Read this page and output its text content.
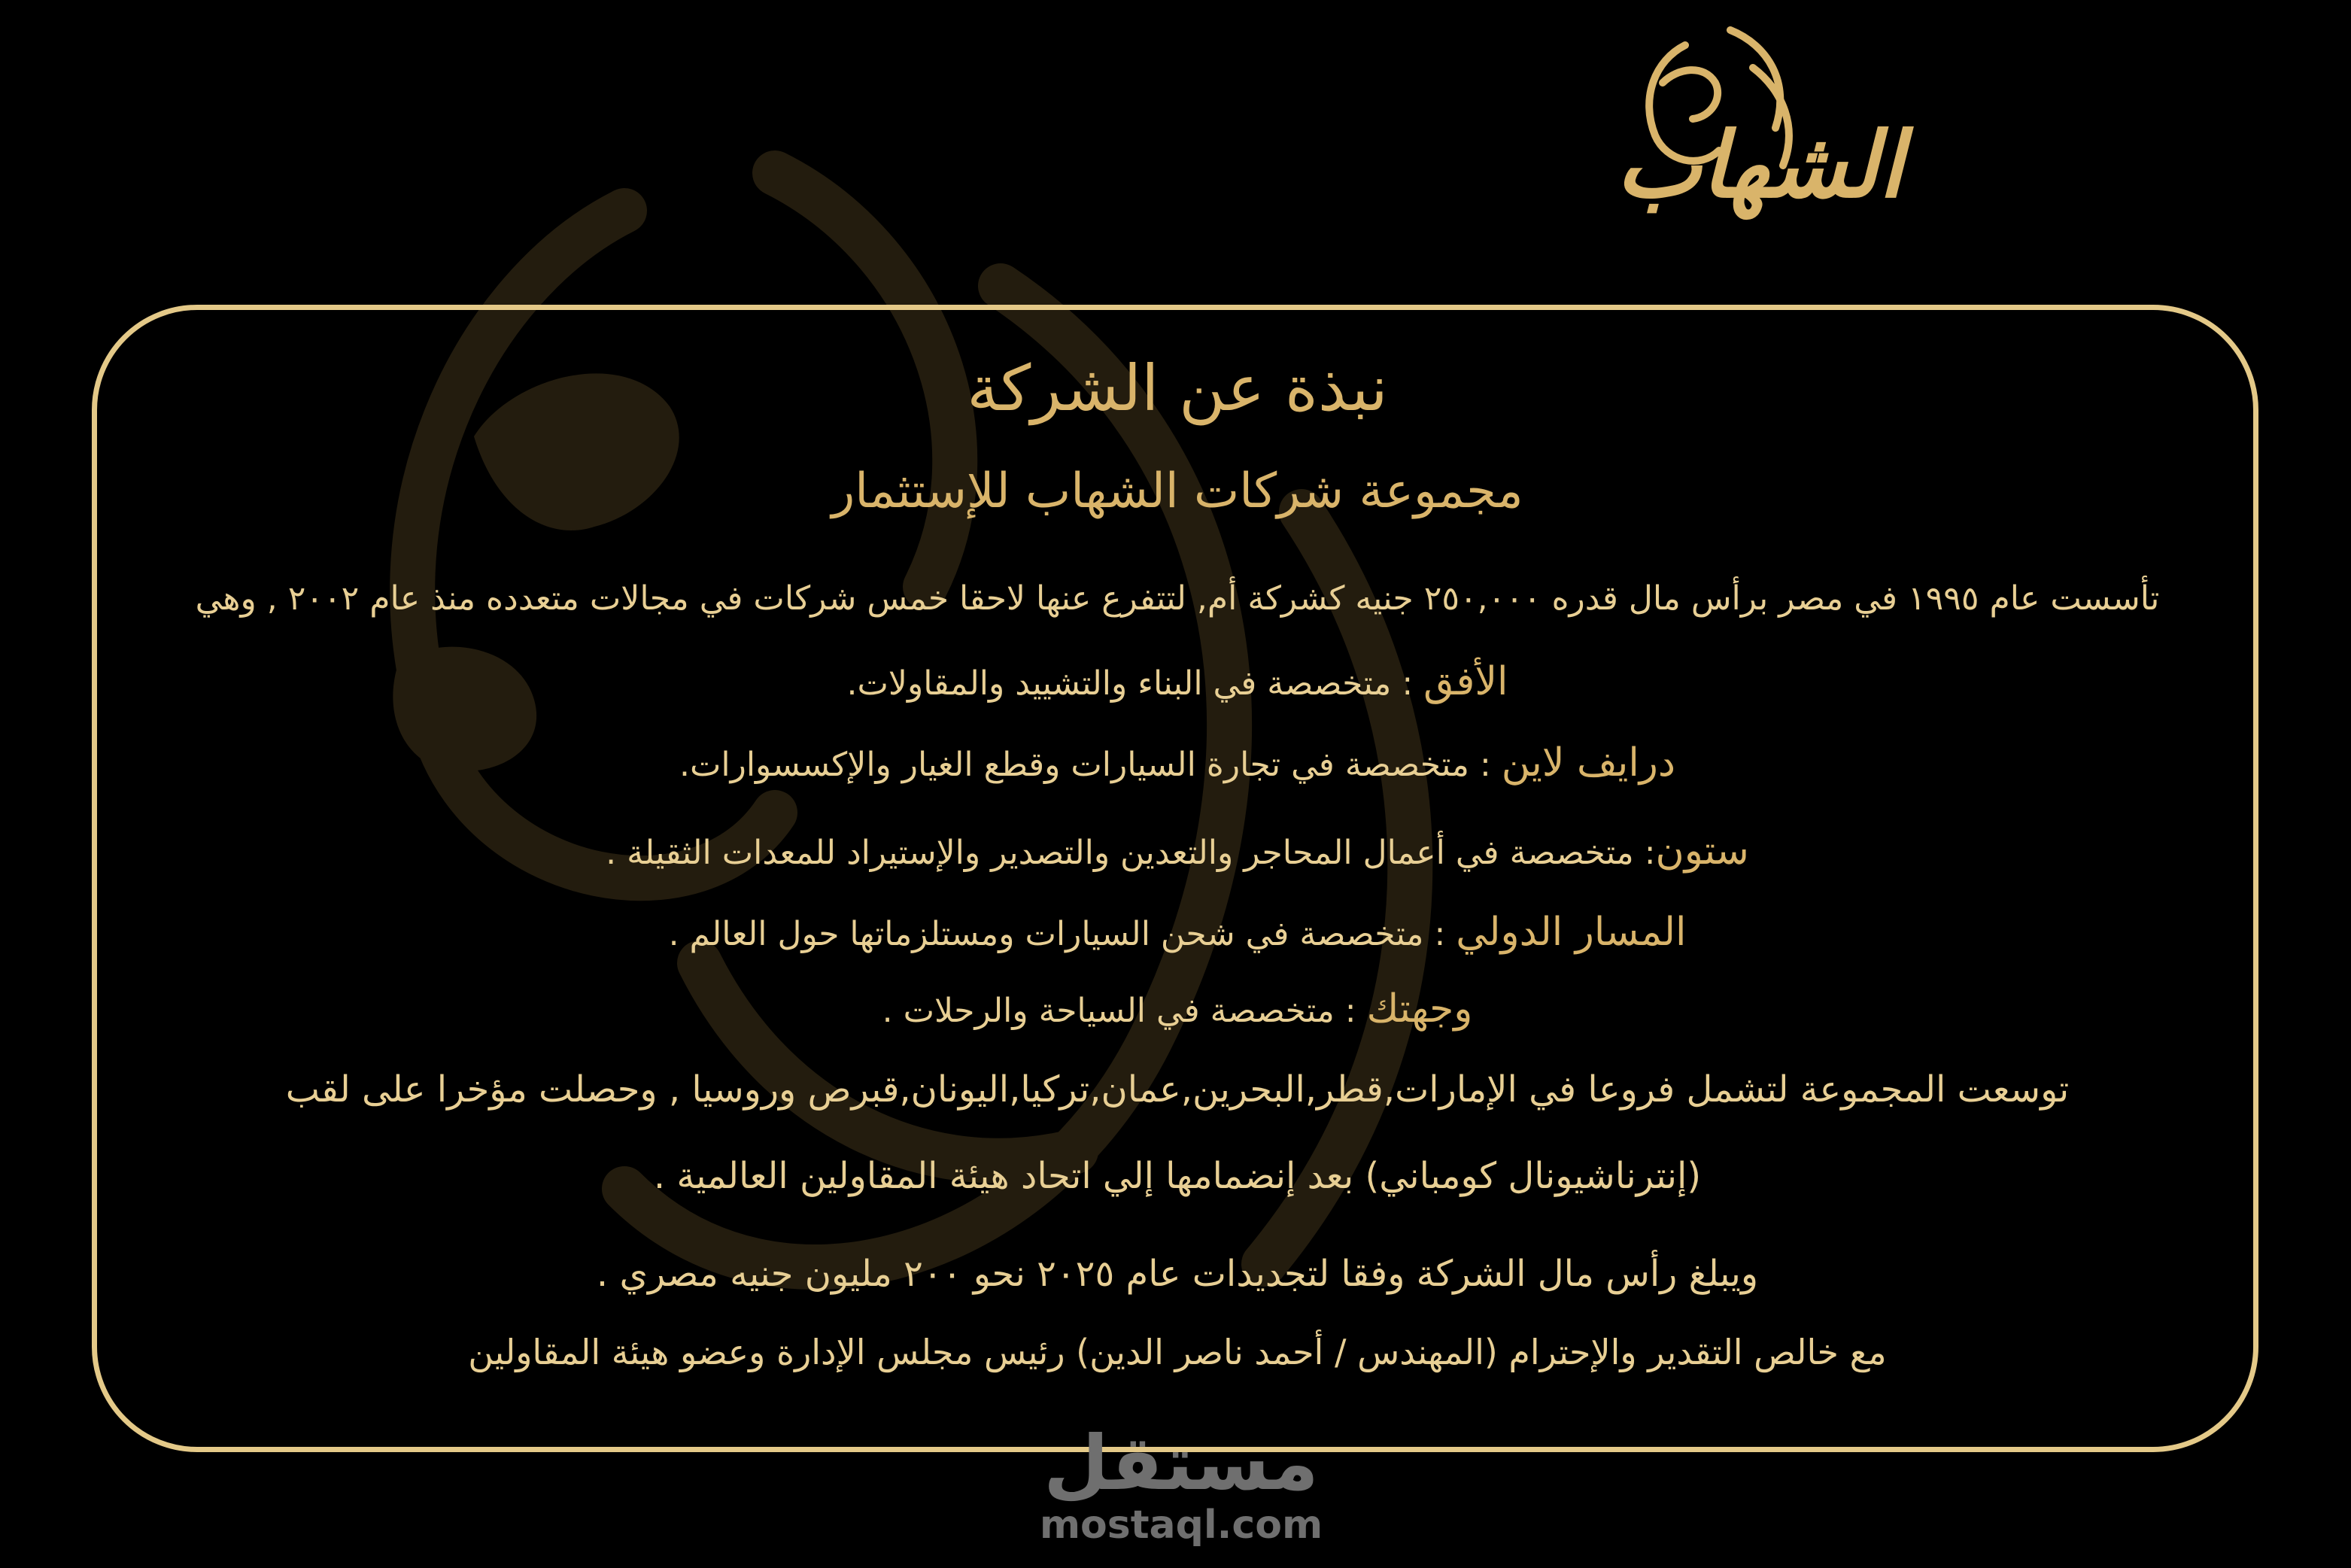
الشهاب
نبذة عن الشركة
مجموعة شركات الشهاب للإستثمار
تأسست عام ١٩٩٥ في مصر برأس مال قدره ٢٥٠,٠٠٠ جنيه كشركة أم, لتتفرع عنها لاحقا خمس شركات في مجالات متعدده منذ عام ٢٠٠٢ , وهي
الأفق : متخصصة في البناء والتشييد والمقاولات.
درايف لاين : متخصصة في تجارة السيارات وقطع الغيار والإكسسوارات.
ستون: متخصصة في أعمال المحاجر والتعدين والتصدير والإستيراد للمعدات الثقيلة .
المسار الدولي : متخصصة في شحن السيارات ومستلزماتها حول العالم .
وجهتك : متخصصة في السياحة والرحلات .
توسعت المجموعة لتشمل فروعا في الإمارات,قطر,البحرين,عمان,تركيا,اليونان,قبرص وروسيا , وحصلت مؤخرا على لقب
(إنترناشيونال كومباني) بعد إنضمامها إلي اتحاد هيئة المقاولين العالمية .
ويبلغ رأس مال الشركة وفقا لتجديدات عام ٢٠٢٥ نحو ٢٠٠ مليون جنيه مصري .
مع خالص التقدير والإحترام (المهندس / أحمد ناصر الدين) رئيس مجلس الإدارة وعضو هيئة المقاولين
مستقل
mostaql.com
